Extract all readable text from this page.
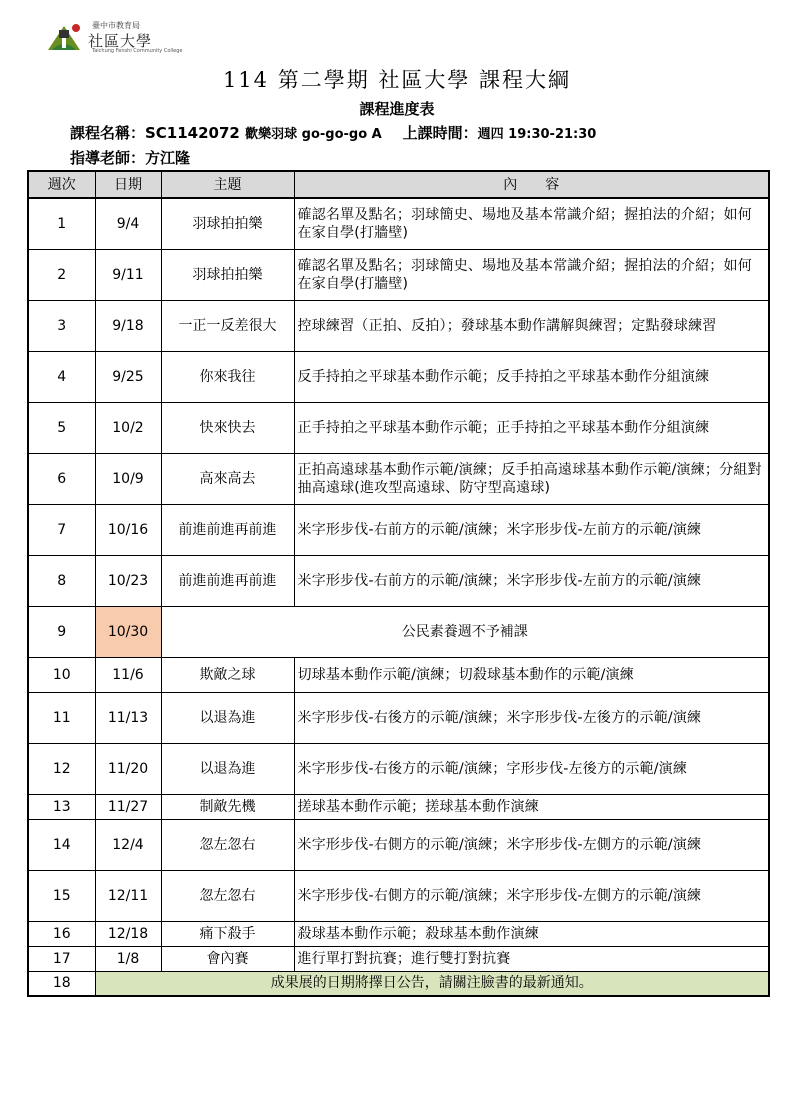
臺中市教育局
社區大學
Taichung Fenshi Community College
114 第二學期 社區大學 課程大綱
課程進度表
課程名稱：SC1142072 歡樂羽球 go-go-go A 上課時間：週四 19:30-21:30
指導老師：方江隆
週次	日期	主題	內　　容
1	9/4	羽球拍拍樂	確認名單及點名；羽球簡史、場地及基本常識介紹；握拍法的介紹；如何在家自學(打牆壁)
2	9/11	羽球拍拍樂	確認名單及點名；羽球簡史、場地及基本常識介紹；握拍法的介紹；如何在家自學(打牆壁)
3	9/18	一正一反差很大	控球練習（正拍、反拍）；發球基本動作講解與練習；定點發球練習
4	9/25	你來我往	反手持拍之平球基本動作示範；反手持拍之平球基本動作分組演練
5	10/2	快來快去	正手持拍之平球基本動作示範；正手持拍之平球基本動作分組演練
6	10/9	高來高去	正拍高遠球基本動作示範/演練；反手拍高遠球基本動作示範/演練；分組對抽高遠球(進攻型高遠球、防守型高遠球)
7	10/16	前進前進再前進	米字形步伐-右前方的示範/演練；米字形步伐-左前方的示範/演練
8	10/23	前進前進再前進	米字形步伐-右前方的示範/演練；米字形步伐-左前方的示範/演練
9	10/30	公民素養週不予補課	
10	11/6	欺敵之球	切球基本動作示範/演練；切殺球基本動作的示範/演練
11	11/13	以退為進	米字形步伐-右後方的示範/演練；米字形步伐-左後方的示範/演練
12	11/20	以退為進	米字形步伐-右後方的示範/演練；字形步伐-左後方的示範/演練
13	11/27	制敵先機	搓球基本動作示範；搓球基本動作演練
14	12/4	忽左忽右	米字形步伐-右側方的示範/演練；米字形步伐-左側方的示範/演練
15	12/11	忽左忽右	米字形步伐-右側方的示範/演練；米字形步伐-左側方的示範/演練
16	12/18	痛下殺手	殺球基本動作示範；殺球基本動作演練
17	1/8	會內賽	進行單打對抗賽；進行雙打對抗賽
18	成果展的日期將擇日公告，請關注臉書的最新通知。		
